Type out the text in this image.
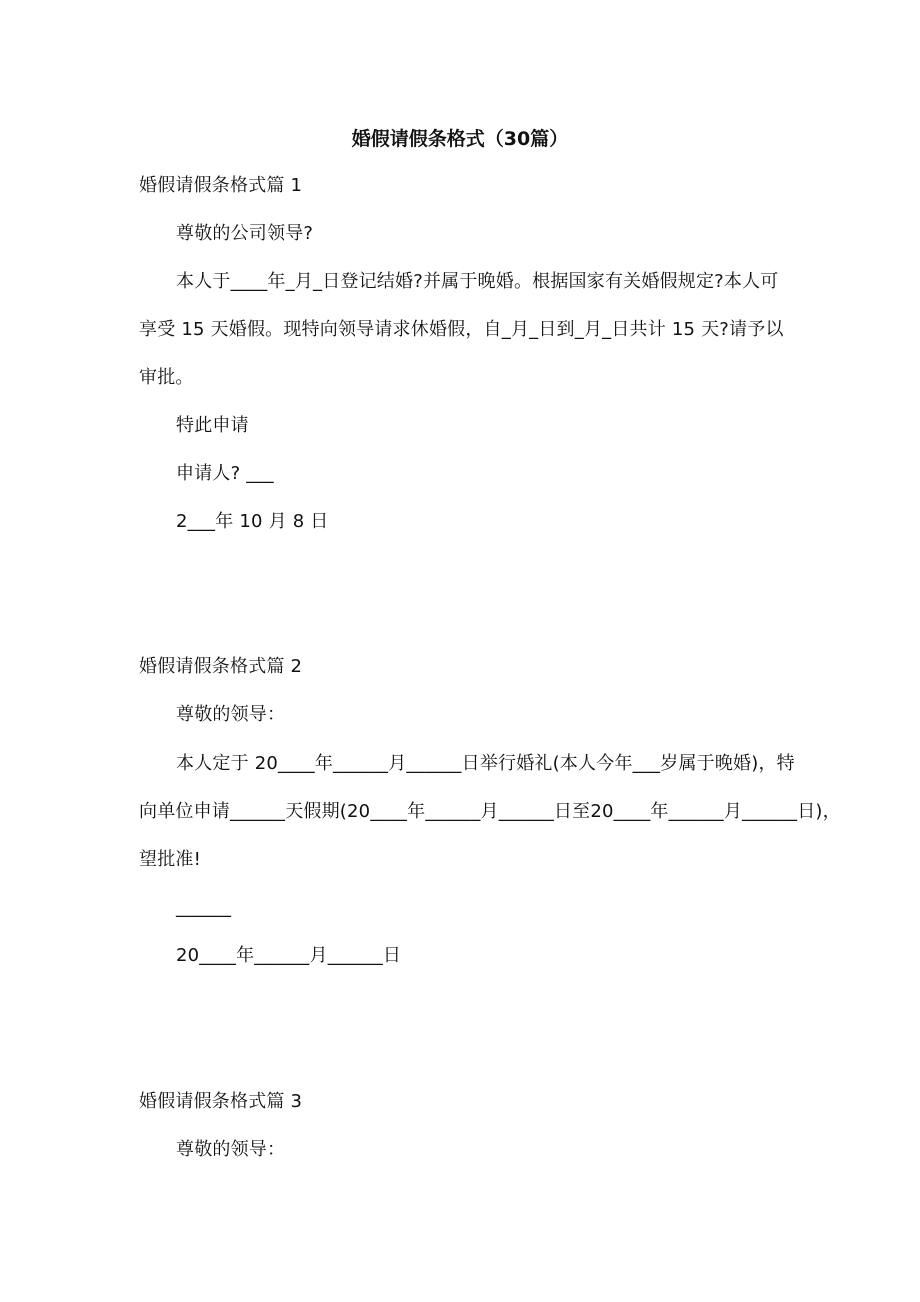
婚假请假条格式（30篇）
婚假请假条格式篇 1
尊敬的公司领导?
本人于____年_月_日登记结婚?并属于晚婚。根据国家有关婚假规定?本人可
享受 15 天婚假。现特向领导请求休婚假，自_月_日到_月_日共计 15 天?请予以
审批。
特此申请
申请人? ___
2___年 10 月 8 日
婚假请假条格式篇 2
尊敬的领导：
本人定于 20____年______月______日举行婚礼(本人今年___岁属于晚婚)，特
向单位申请______天假期(20____年______月______日至20____年______月______日)，
望批准!
______
20____年______月______日
婚假请假条格式篇 3
尊敬的领导：
